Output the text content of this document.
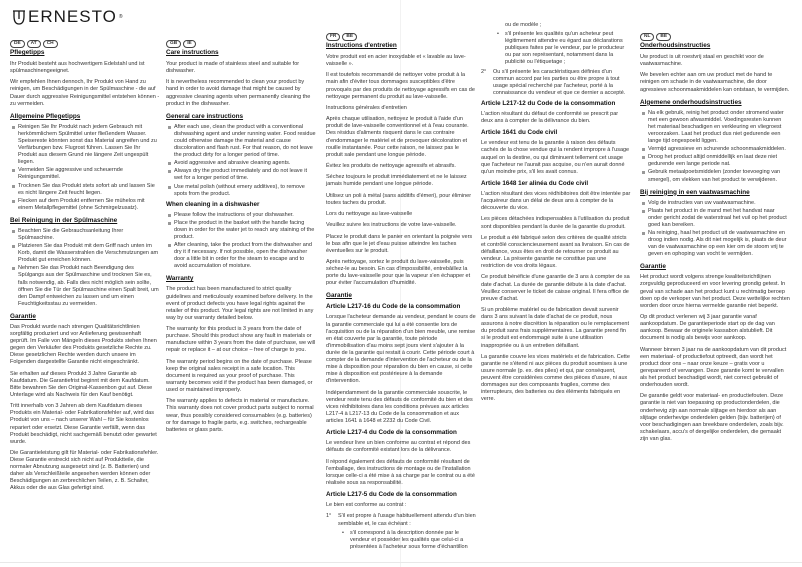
ERNESTO ®
DE	AT	CH
Pflegetipps

Ihr Produkt besteht aus hochwertigem Edelstahl und ist spülmaschinengeeignet.

Wir empfehlen Ihnen dennoch, Ihr Produkt von Hand zu reinigen, um Beschädigungen in der Spülmaschine - die auf Dauer durch aggressive Reinigungsmittel entstehen können - zu vermeiden.

Allgemeine Pflegetipps
Reinigen Sie Ihr Produkt nach jedem Gebrauch mit herkömmlichem Spülmittel unter fließendem Wasser. Speisereste könnten sonst das Material angreifen und zu Verfärbungen bzw. Flugrost führen. Lassen Sie Ihr Produkt aus diesem Grund nie längere Zeit ungespült liegen.
Vermeiden Sie aggressive und scheuernde Reinigungsmittel.
Trocknen Sie das Produkt stets sofort ab und lassen Sie es nicht längere Zeit feucht liegen.
Flecken auf dem Produkt entfernen Sie mühelos mit einem Metallpflegemittel (ohne Schmirgelzusatz).
Bei Reinigung in der Spülmaschine
Beachten Sie die Gebrauchsanleitung Ihrer Spülmaschine.
Platzieren Sie das Produkt mit dem Griff nach unten im Korb, damit die Wasserstrahlen die Verschmutzungen am Produkt gut erreichen können.
Nehmen Sie das Produkt nach Beendigung des Spülgangs aus der Spülmaschine und trocknen Sie es, falls notwendig, ab. Falls dies nicht möglich sein sollte, öffnen Sie die Tür der Spülmaschine einen Spalt breit, um den Dampf entweichen zu lassen und um einen Feuchtigkeitsstau zu vermeiden.
Garantie

Das Produkt wurde nach strengen Qualitätsrichtlinien sorgfältig produziert und vor Anlieferung gewissenhaft geprüft. Im Falle von Mängeln dieses Produkts stehen Ihnen gegen den Verkäufer des Produkts gesetzliche Rechte zu. Diese gesetzlichen Rechte werden durch unsere im Folgenden dargestellte Garantie nicht eingeschränkt.

Sie erhalten auf dieses Produkt 3 Jahre Garantie ab Kaufdatum. Die Garantiefrist beginnt mit dem Kaufdatum. Bitte bewahren Sie den Original-Kassenbon gut auf. Diese Unterlage wird als Nachweis für den Kauf benötigt.

Tritt innerhalb von 3 Jahren ab dem Kaufdatum dieses Produkts ein Material- oder Fabrikationsfehler auf, wird das Produkt von uns – nach unserer Wahl – für Sie kostenlos repariert oder ersetzt. Diese Garantie verfällt, wenn das Produkt beschädigt, nicht sachgemäß benutzt oder gewartet wurde.

Die Garantieleistung gilt für Material- oder Fabrikationsfehler. Diese Garantie erstreckt sich nicht auf Produktteile, die normaler Abnutzung ausgesetzt sind (z. B. Batterien) und daher als Verschleißteile angesehen werden können oder Beschädigungen an zerbrechlichen Teilen, z. B. Schalter, Akkus oder die aus Glas gefertigt sind.

GB	IE
Care instructions

Your product is made of stainless steel and suitable for dishwasher.

It is nevertheless recommended to clean your product by hand in order to avoid damage that might be caused by aggressive cleaning agents when permanently cleaning the product in the dishwasher.

General care instructions
After each use, clean the product with a conventional dishwashing agent and under running water. Food residue could otherwise damage the material and cause discoloration and flash rust. For that reason, do not leave the product dirty for a longer period of time.
Avoid aggressive and abrasive cleaning agents.
Always dry the product immediately and do not leave it wet for a longer period of time.
Use metal polish (without emery additives), to remove spots from the product.
When cleaning in a dishwasher
Please follow the instructions of your dishwasher.
Place the product in the basket with the handle facing down in order for the water jet to reach any staining of the product.
After cleaning, take the product from the dishwasher and dry it if necessary. If not possible, open the dishwasher door a little bit in order for the steam to escape and to avoid accumulation of moisture.
Warranty

The product has been manufactured to strict quality guidelines and meticulously examined before delivery. In the event of product defects you have legal rights against the retailer of this product. Your legal rights are not limited in any way by our warranty detailed below.

The warranty for this product is 3 years from the date of purchase. Should this product show any fault in materials or manufacture within 3 years from the date of purchase, we will repair or replace it – at our choice – free of charge to you.

The warranty period begins on the date of purchase. Please keep the original sales receipt in a safe location. This document is required as your proof of purchase. This warranty becomes void if the product has been damaged, or used or maintained improperly.

The warranty applies to defects in material or manufacture. This warranty does not cover product parts subject to normal wear, thus possibly considered consumables (e.g. batteries) or for damage to fragile parts, e.g. switches, rechargeable batteries or glass parts.

FR	BE
Instructions d'entretien

Votre produit est en acier inoxydable et « lavable au lave-vaisselle ».

Il est toutefois recommandé de nettoyer votre produit à la main afin d'éviter tous dommages susceptibles d'être provoqués par des produits de nettoyage agressifs en cas de nettoyage permanent du produit au lave-vaisselle.

Instructions générales d'entretien

Après chaque utilisation, nettoyez le produit à l'aide d'un produit de lave-vaisselle conventionnel et à l'eau courante. Des résidus d'aliments risquent dans le cas contraire d'endommager le matériel et de provoquer décoloration et rouille instantanée. Pour cette raison, ne laissez pas le produit sale pendant une longue période.

Évitez les produits de nettoyage agressifs et abrasifs.

Séchez toujours le produit immédiatement et ne le laissez jamais humide pendant une longue période.

Utilisez un poli à métal (sans additifs d'émeri), pour éliminer toutes taches du produit.

Lors du nettoyage au lave-vaisselle

Veuillez suivre les instructions de votre lave-vaisselle.

Placez le produit dans le panier en orientant la poignée vers le bas afin que le jet d'eau puisse atteindre les taches éventuelles sur le produit.

Après nettoyage, sortez le produit du lave-vaisselle, puis séchez-le au besoin. En cas d'impossibilité, entrebâillez la porte du lave-vaisselle pour que la vapeur s'en échapper et pour éviter l'accumulation d'humidité.

Garantie
Article L217-16 du Code de la consommation

Lorsque l'acheteur demande au vendeur, pendant le cours de la garantie commerciale qui lui a été consentie lors de l'acquisition ou de la réparation d'un bien meuble, une remise en état couverte par la garantie, toute période d'immobilisation d'au moins sept jours vient s'ajouter à la durée de la garantie qui restait à courir. Cette période court à compter de la demande d'intervention de l'acheteur ou de la mise à disposition pour réparation du bien en cause, si cette mise à disposition est postérieure à la demande d'intervention.

Indépendamment de la garantie commerciale souscrite, le vendeur reste tenu des défauts de conformité du bien et des vices rédhibitoires dans les conditions prévues aux articles L217-4 à L217-13 du Code de la consommation et aux articles 1641 à 1648 et 2232 du Code Civil.

Article L217-4 du Code de la consommation

Le vendeur livre un bien conforme au contrat et répond des défauts de conformité existant lors de la délivrance.

Il répond également des défauts de conformité résultant de l'emballage, des instructions de montage ou de l'installation lorsque celle-ci a été mise à sa charge par le contrat ou a été réalisée sous sa responsabilité.

Article L217-5 du Code de la consommation

Le bien est conforme au contrat :

1° S'il est propre à l'usage habituellement attendu d'un bien semblable et, le cas échéant :
• s'il correspond à la description donnée par le vendeur et posséder les qualités que celui-ci a présentées à l'acheteur sous forme d'échantillon
ou de modèle ;
• s'il présente les qualités qu'un acheteur peut légitimement attendre eu égard aux déclarations publiques faites par le vendeur, par le producteur ou par son représentant, notamment dans la publicité ou l'étiquetage ;
2° Ou s'il présente les caractéristiques définies d'un commun accord par les parties ou être propre à tout usage spécial recherché par l'acheteur, porté à la connaissance du vendeur et que ce dernier a accepté.
Article L217-12 du Code de la consommation

L'action résultant du défaut de conformité se prescrit par deux ans à compter de la délivrance du bien.

Article 1641 du Code civil

Le vendeur est tenu de la garantie à raison des défauts cachés de la chose vendue qui la rendent impropre à l'usage auquel on la destine, ou qui diminuent tellement cet usage que l'acheteur ne l'aurait pas acquise, ou n'en aurait donné qu'un moindre prix, s'il les avait connus.

Article 1648 1er alinéa du Code civil

L'action résultant des vices rédhibitoires doit être intentée par l'acquéreur dans un délai de deux ans à compter de la découverte du vice.

Les pièces détachées indispensables à l'utilisation du produit sont disponibles pendant la durée de la garantie du produit.

Le produit a été fabriqué selon des critères de qualité stricts et contrôlé consciencieusement avant sa livraison. En cas de défaillance, vous êtes en droit de retourner ce produit au vendeur. La présente garantie ne constitue pas une restriction de vos droits légaux.

Ce produit bénéficie d'une garantie de 3 ans à compter de sa date d'achat. La durée de garantie débute à la date d'achat. Veuillez conserver le ticket de caisse original. Il fera office de preuve d'achat.

Si un problème matériel ou de fabrication devait survenir dans 3 ans suivant la date d'achat de ce produit, nous assurons à notre discrétion la réparation ou le remplacement du produit sans frais supplémentaires. La garantie prend fin si le produit est endommagé suite à une utilisation inappropriée ou à un entretien défaillant.

La garantie couvre les vices matériels et de fabrication. Cette garantie ne s'étend ni aux pièces du produit soumises à une usure normale (p. ex. des piles) et qui, par conséquent, peuvent être considérées comme des pièces d'usure, ni aux dommages sur des composants fragiles, comme des interrupteurs, des batteries ou des éléments fabriqués en verre.

NL	BE
Onderhoudsinstructies

Uw product is uit roestvrij staal en geschikt voor de vaatwasmachine.

We bevelen echter aan om uw product met de hand te reinigen om schade in de vaatwasmachine, die door agressieve schoonmaakmiddelen kan ontstaan, te vermijden.

Algemene onderhoudsinstructies
Na elk gebruik, reinig het product onder stromend water met een gewoon afwasmiddel. Voedingsresten kunnen het materiaal beschadigen en verkleuring en vliegroest veroorzaken. Laat het product dus niet gedurende een lange tijd ongespoeld liggen.
Vermijd agressieve en schurende schoonmaakmiddelen.
Droog het product altijd onmiddellijk en laat deze niet gedurende een lange periode nat.
Gebruik metaalpoetsmiddelen (zonder toevoeging van smergel), om vlekken van het product te verwijderen.
Bij reiniging in een vaatwasmachine
Volg de instructies van uw vaatwasmachine.
Plaats het product in de mand met het handvat naar onder gericht zodat de waterstraal het vuil op het product goed kan bereiken.
Na reiniging, haal het product uit de vaatwasmachine en droog indien nodig. Als dit niet mogelijk is, plaats de deur van de vaatwasmachine op een kier om de stoom vrij te geven en ophoping van vocht te vermijden.
Garantie

Het product wordt volgens strenge kwaliteitsrichtlijnen zorgvuldig geproduceerd en voor levering grondig getest. In geval van schade aan het product kunt u rechtmatig beroep doen op de verkoper van het product. Deze wettelijke rechten worden door onze hierna vermelde garantie niet beperkt.

Op dit product verlenen wij 3 jaar garantie vanaf aankoopdatum. De garantieperiode start op de dag van aankoop. Bewaar de originele kassabon alstublieft. Dit document is nodig als bewijs voor aankoop.

Wanneer binnen 3 jaar na de aankoopdatum van dit product een materiaal- of productiefout optreedt, dan wordt het product door ons – naar onze keuze – gratis voor u gerepareerd of vervangen. Deze garantie komt te vervallen als het product beschadigd wordt, niet correct gebruikt of onderhouden wordt.

De garantie geldt voor materiaal- en productiefouten. Deze garantie is niet van toepassing op productonderdelen, die onderhevig zijn aan normale slijtage en hierdoor als aan slijtage onderhevige onderdelen gelden (bijv. batterijen) of voor beschadigingen aan breekbare onderdelen, zoals bijv. schakelaars, accu's of dergelijke onderdelen, die gemaakt zijn van glas.
